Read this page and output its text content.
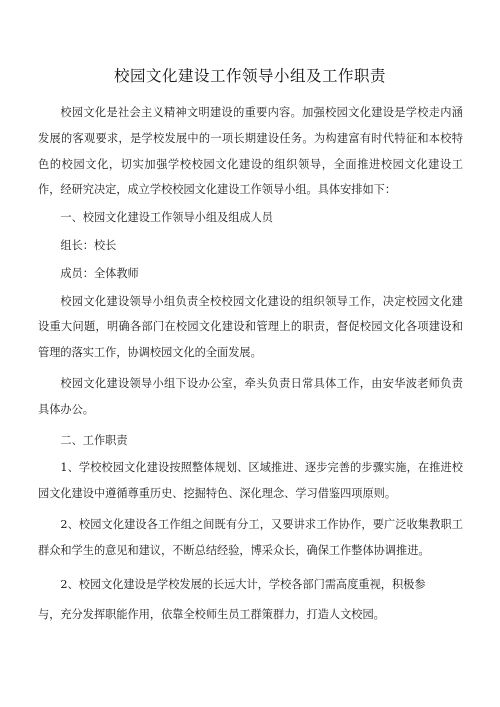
校园文化建设工作领导小组及工作职责

校园文化是社会主义精神文明建设的重要内容。加强校园文化建设是学校走内涵发展的客观要求，是学校发展中的一项长期建设任务。为构建富有时代特征和本校特色的校园文化，切实加强学校校园文化建设的组织领导，全面推进校园文化建设工作，经研究决定，成立学校校园文化建设工作领导小组。具体安排如下：

一、校园文化建设工作领导小组及组成人员

组长：校长

成员：全体教师

校园文化建设领导小组负责全校校园文化建设的组织领导工作，决定校园文化建设重大问题，明确各部门在校园文化建设和管理上的职责，督促校园文化各项建设和管理的落实工作，协调校园文化的全面发展。

校园文化建设领导小组下设办公室，牵头负责日常具体工作，由安华波老师负责具体办公。

二、工作职责

1、学校校园文化建设按照整体规划、区域推进、逐步完善的步骤实施，在推进校园文化建设中遵循尊重历史、挖掘特色、深化理念、学习借鉴四项原则。

2、校园文化建设各工作组之间既有分工，又要讲求工作协作，要广泛收集教职工群众和学生的意见和建议，不断总结经验，博采众长，确保工作整体协调推进。

2、校园文化建设是学校发展的长远大计，学校各部门需高度重视，积极参

与，充分发挥职能作用，依靠全校师生员工群策群力，打造人文校园。
